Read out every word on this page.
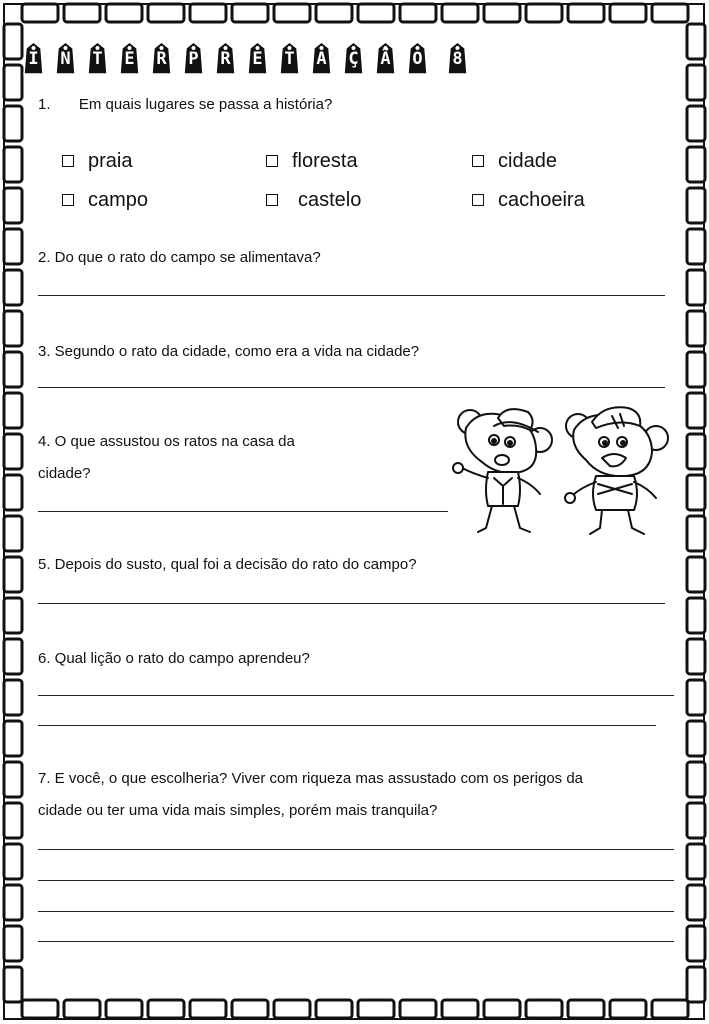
I	N	T	E	R	P	R	E	T	A	Ç	Ã	O	8
1. Em quais lugares se passa a história?
praia	floresta	cidade
campo	castelo	cachoeira
2. Do que o rato do campo se alimentava?
3. Segundo o rato da cidade, como era a vida na cidade?
4. O que assustou os ratos na casa da
cidade?
5. Depois do susto, qual foi a decisão do rato do campo?
6. Qual lição o rato do campo aprendeu?
7. E você, o que escolheria? Viver com riqueza mas assustado com os perigos da
cidade ou ter uma vida mais simples, porém mais tranquila?
